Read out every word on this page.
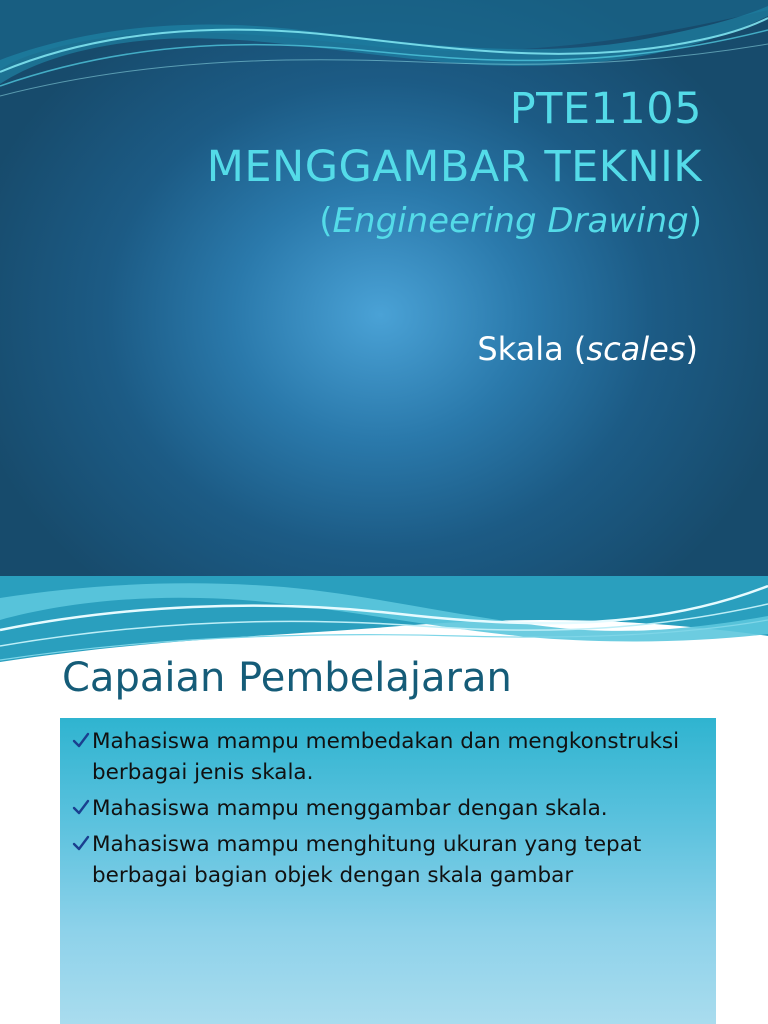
PTE1105
MENGGAMBAR TEKNIK
(Engineering Drawing)
Skala (scales)
Capaian Pembelajaran
Mahasiswa mampu membedakan dan mengkonstruksi berbagai jenis skala.
Mahasiswa mampu menggambar dengan skala.
Mahasiswa mampu menghitung ukuran yang tepat berbagai bagian objek dengan skala gambar
